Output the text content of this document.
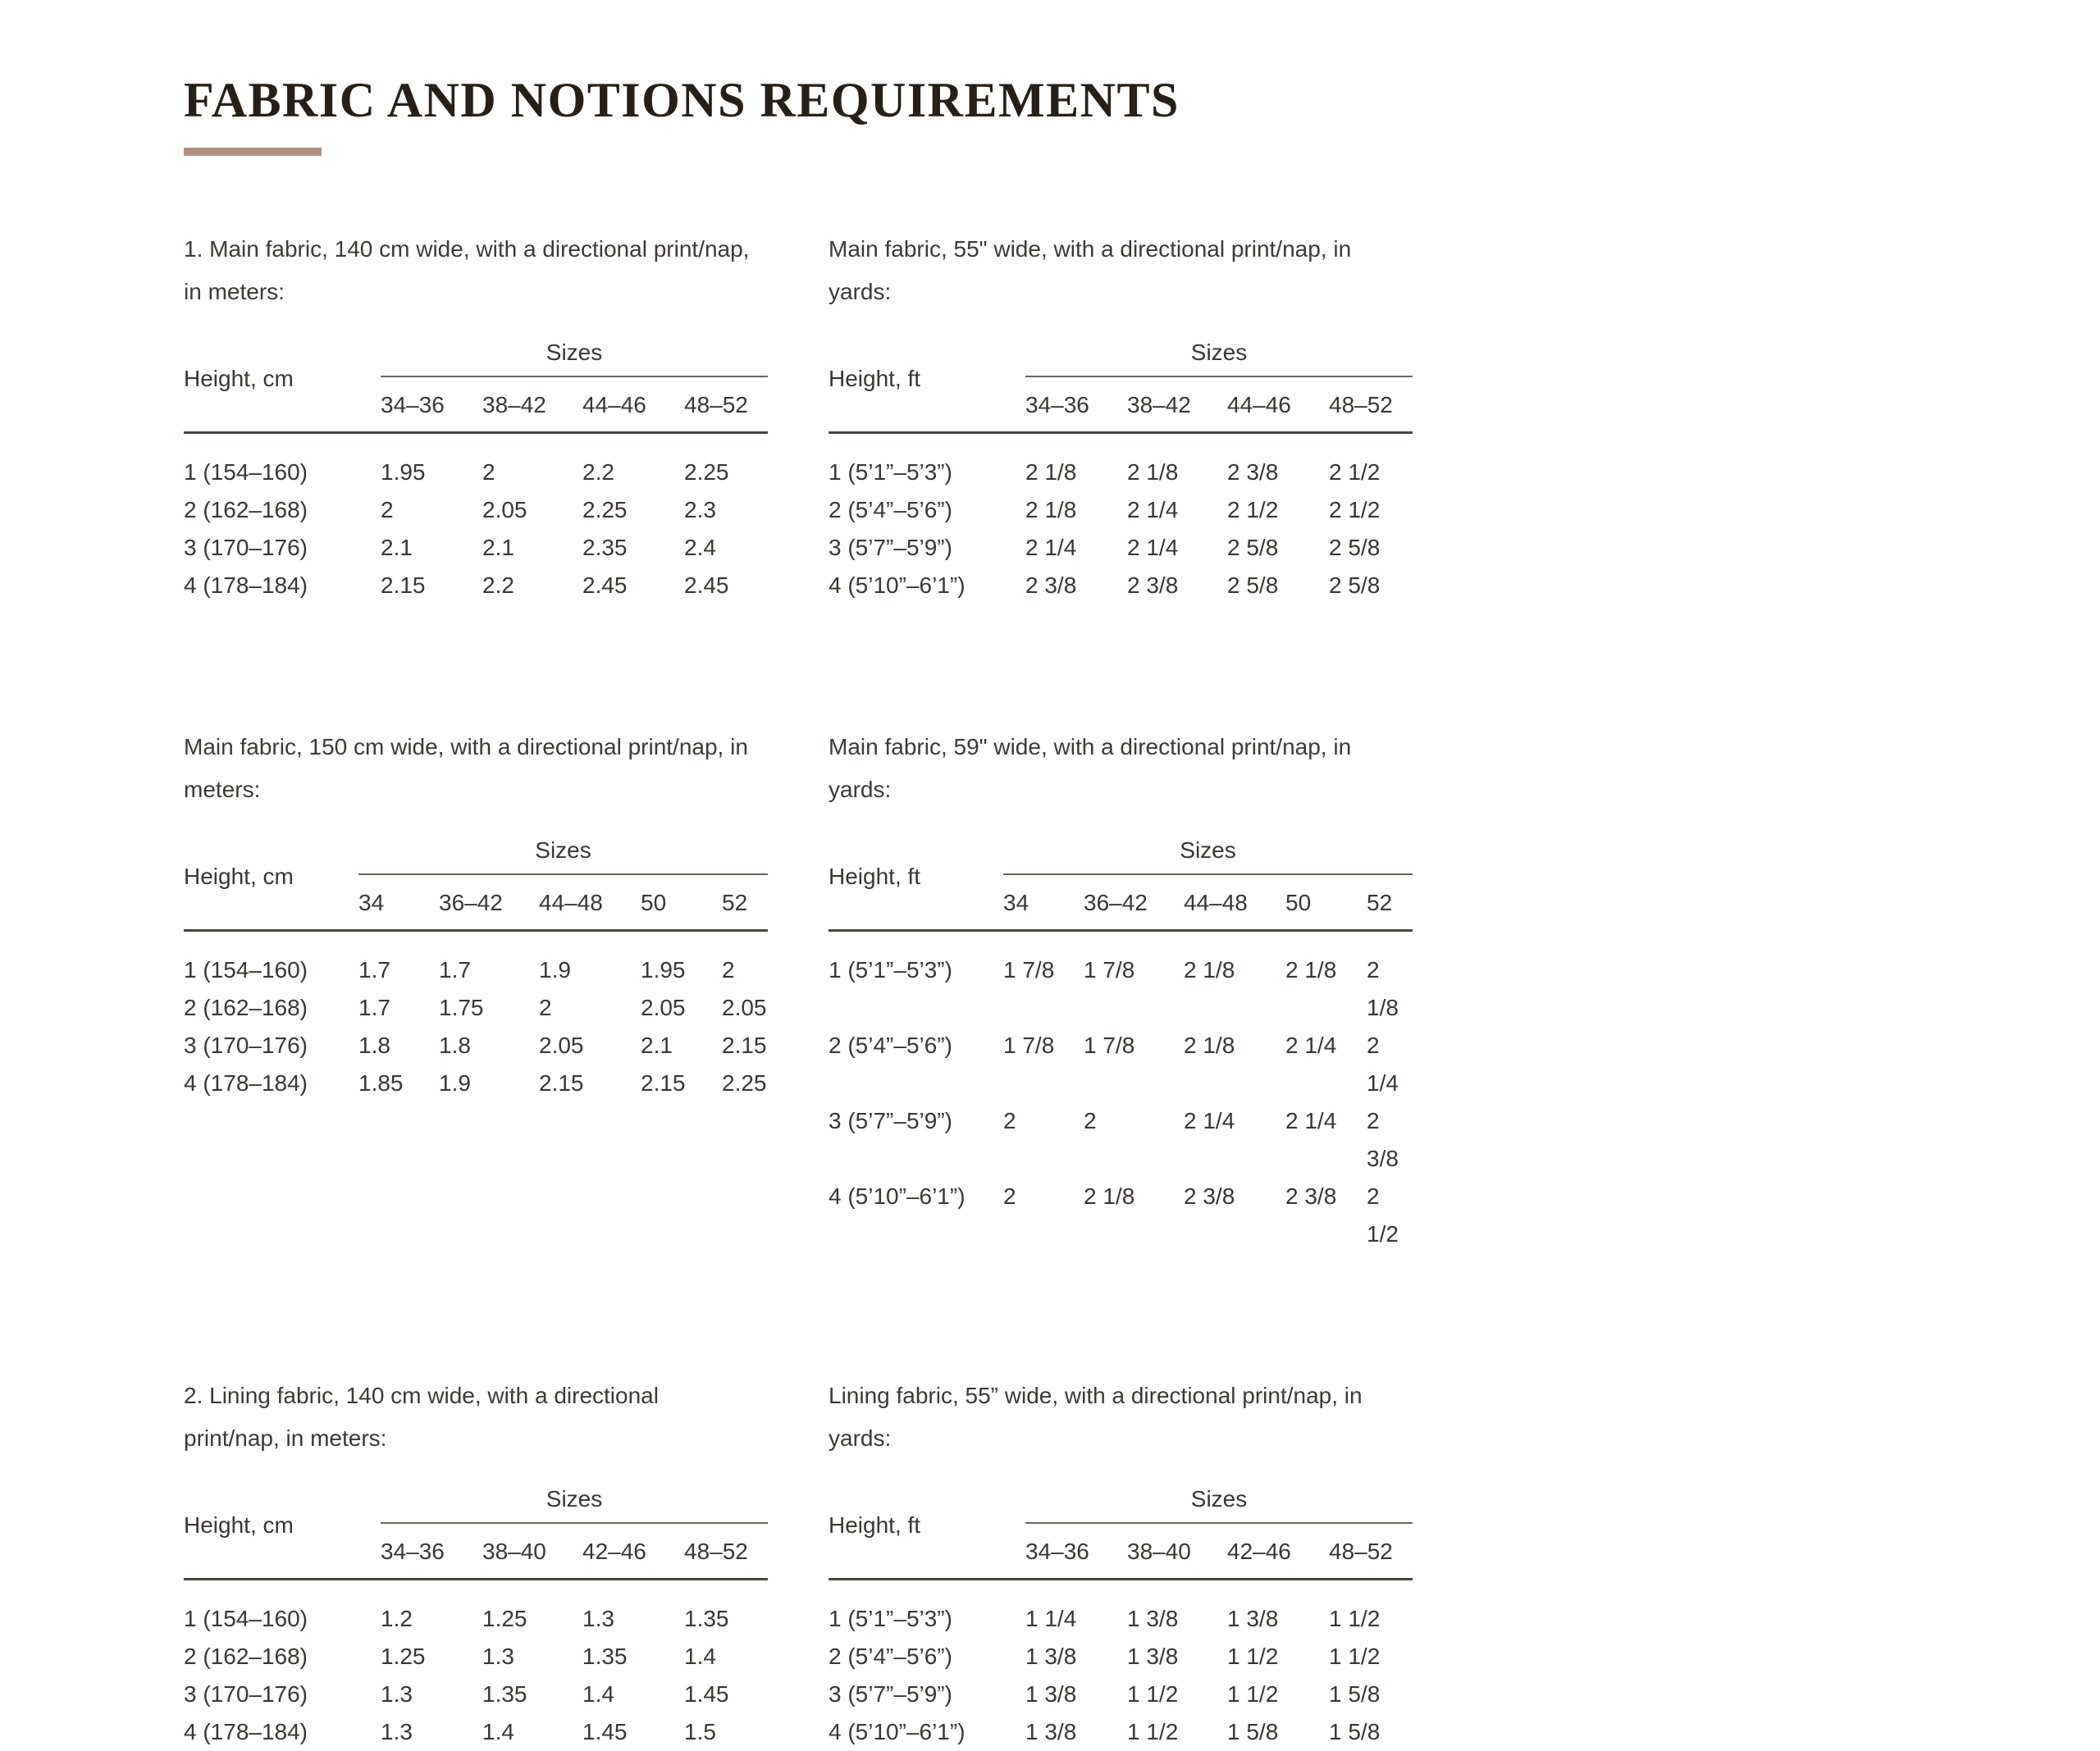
FABRIC AND NOTIONS REQUIREMENTS

1. Main fabric, 140 cm wide, with a directional print/nap, in meters:

Height, cm
Sizes
34–36	38–42	44–46	48–52
1 (154–160)	1.95	2	2.2	2.25
2 (162–168)	2	2.05	2.25	2.3
3 (170–176)	2.1	2.1	2.35	2.4
4 (178–184)	2.15	2.2	2.45	2.45

Main fabric, 55" wide, with a directional print/nap, in yards:

Height, ft
Sizes
34–36	38–42	44–46	48–52
1 (5’1”–5’3”)	2 1/8	2 1/8	2 3/8	2 1/2
2 (5’4”–5’6”)	2 1/8	2 1/4	2 1/2	2 1/2
3 (5’7”–5’9”)	2 1/4	2 1/4	2 5/8	2 5/8
4 (5’10”–6’1”)	2 3/8	2 3/8	2 5/8	2 5/8

Main fabric, 150 cm wide, with a directional print/nap, in meters:

Height, cm
Sizes
34	36–42	44–48	50	52
1 (154–160)	1.7	1.7	1.9	1.95	2
2 (162–168)	1.7	1.75	2	2.05	2.05
3 (170–176)	1.8	1.8	2.05	2.1	2.15
4 (178–184)	1.85	1.9	2.15	2.15	2.25

Main fabric, 59" wide, with a directional print/nap, in yards:

Height, ft
Sizes
34	36–42	44–48	50	52
1 (5’1”–5’3”)	1 7/8	1 7/8	2 1/8	2 1/8	2 1/8
2 (5’4”–5’6”)	1 7/8	1 7/8	2 1/8	2 1/4	2 1/4
3 (5’7”–5’9”)	2	2	2 1/4	2 1/4	2 3/8
4 (5’10”–6’1”)	2	2 1/8	2 3/8	2 3/8	2 1/2

2. Lining fabric, 140 cm wide, with a directional print/nap, in meters:

Height, cm
Sizes
34–36	38–40	42–46	48–52
1 (154–160)	1.2	1.25	1.3	1.35
2 (162–168)	1.25	1.3	1.35	1.4
3 (170–176)	1.3	1.35	1.4	1.45
4 (178–184)	1.3	1.4	1.45	1.5

Lining fabric, 55” wide, with a directional print/nap, in yards:

Height, ft
Sizes
34–36	38–40	42–46	48–52
1 (5’1”–5’3”)	1 1/4	1 3/8	1 3/8	1 1/2
2 (5’4”–5’6”)	1 3/8	1 3/8	1 1/2	1 1/2
3 (5’7”–5’9”)	1 3/8	1 1/2	1 1/2	1 5/8
4 (5’10”–6’1”)	1 3/8	1 1/2	1 5/8	1 5/8
